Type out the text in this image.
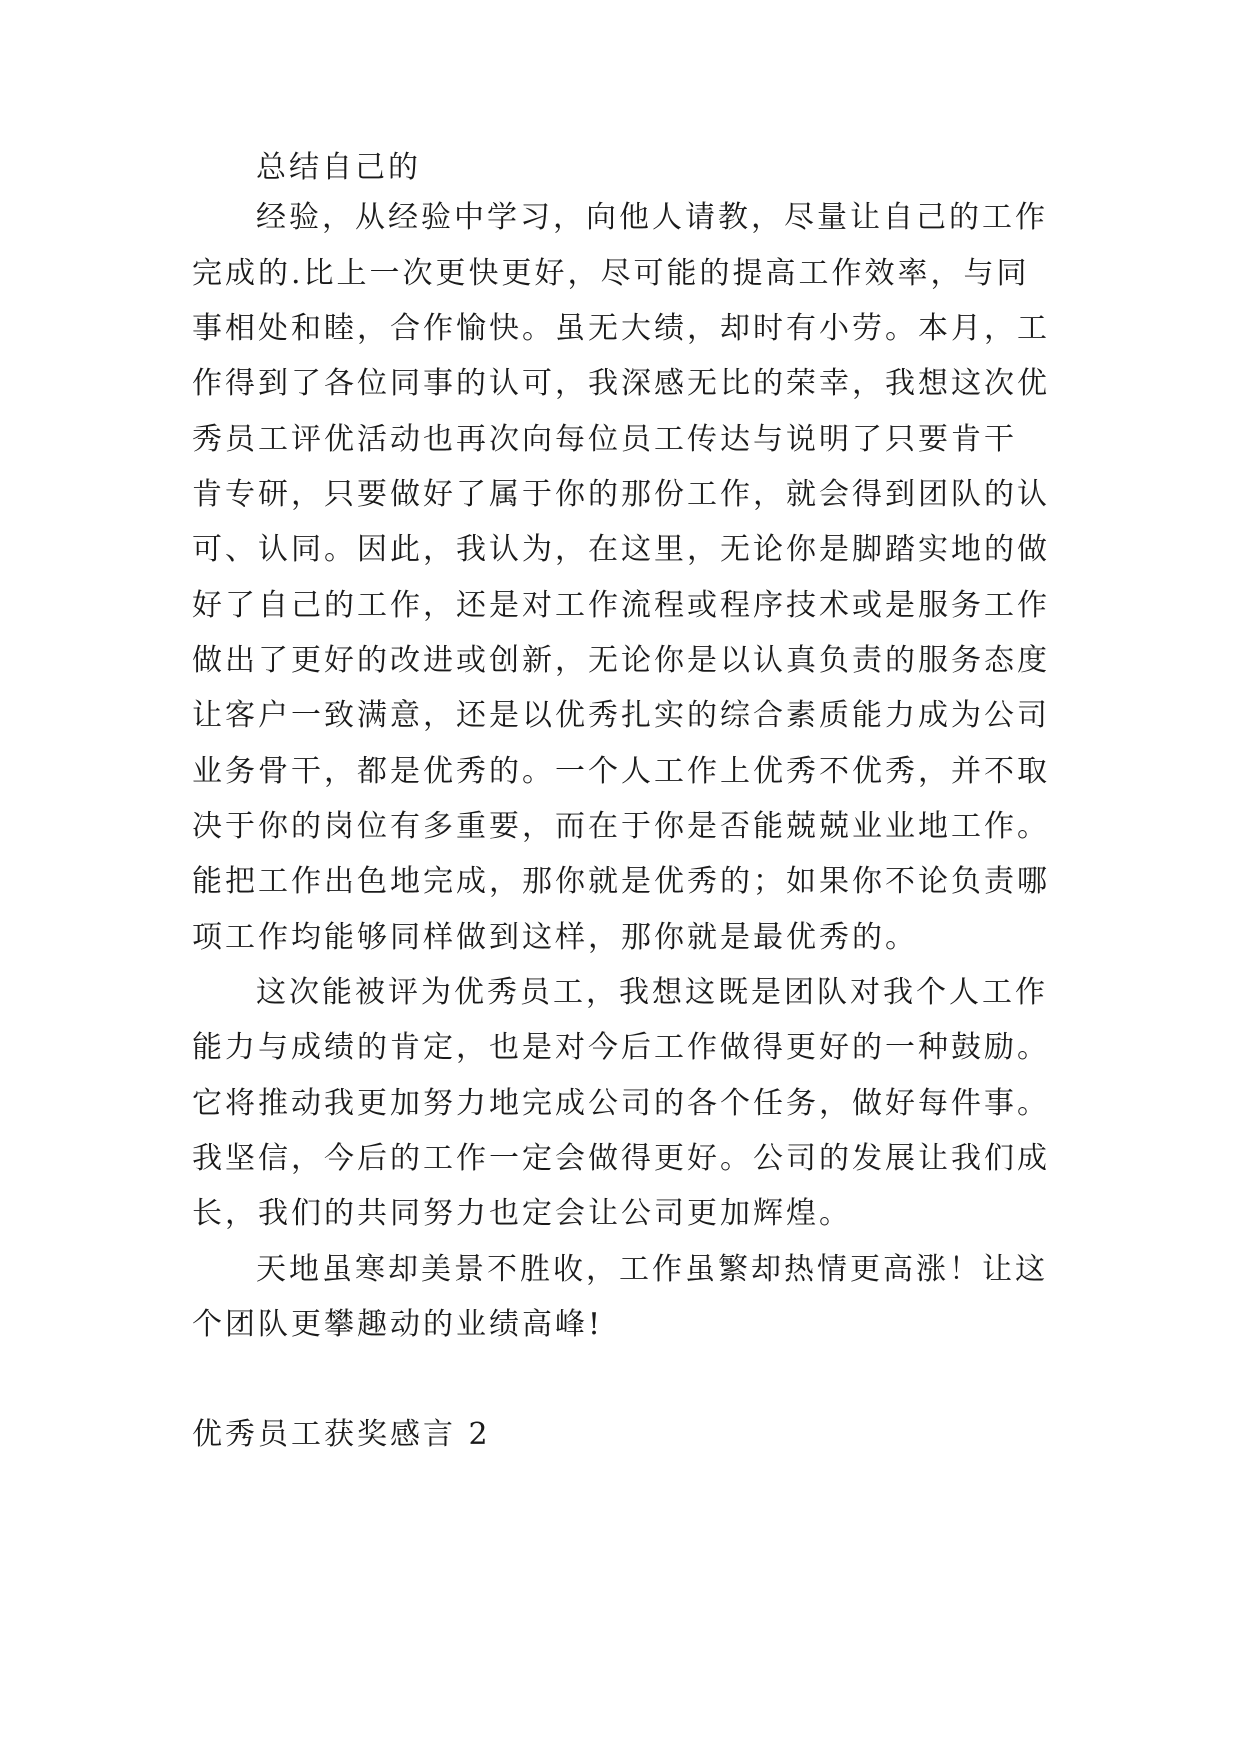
总结自己的
经验，从经验中学习，向他人请教，尽量让自己的工作
完成的.比上一次更快更好，尽可能的提高工作效率，与同
事相处和睦，合作愉快。虽无大绩，却时有小劳。本月，工
作得到了各位同事的认可，我深感无比的荣幸，我想这次优
秀员工评优活动也再次向每位员工传达与说明了只要肯干
肯专研，只要做好了属于你的那份工作，就会得到团队的认
可、认同。因此，我认为，在这里，无论你是脚踏实地的做
好了自己的工作，还是对工作流程或程序技术或是服务工作
做出了更好的改进或创新，无论你是以认真负责的服务态度
让客户一致满意，还是以优秀扎实的综合素质能力成为公司
业务骨干，都是优秀的。一个人工作上优秀不优秀，并不取
决于你的岗位有多重要，而在于你是否能兢兢业业地工作。
能把工作出色地完成，那你就是优秀的；如果你不论负责哪
项工作均能够同样做到这样，那你就是最优秀的。
这次能被评为优秀员工，我想这既是团队对我个人工作
能力与成绩的肯定，也是对今后工作做得更好的一种鼓励。
它将推动我更加努力地完成公司的各个任务，做好每件事。
我坚信，今后的工作一定会做得更好。公司的发展让我们成
长，我们的共同努力也定会让公司更加辉煌。
天地虽寒却美景不胜收，工作虽繁却热情更高涨！让这
个团队更攀趣动的业绩高峰!
优秀员工获奖感言 2
